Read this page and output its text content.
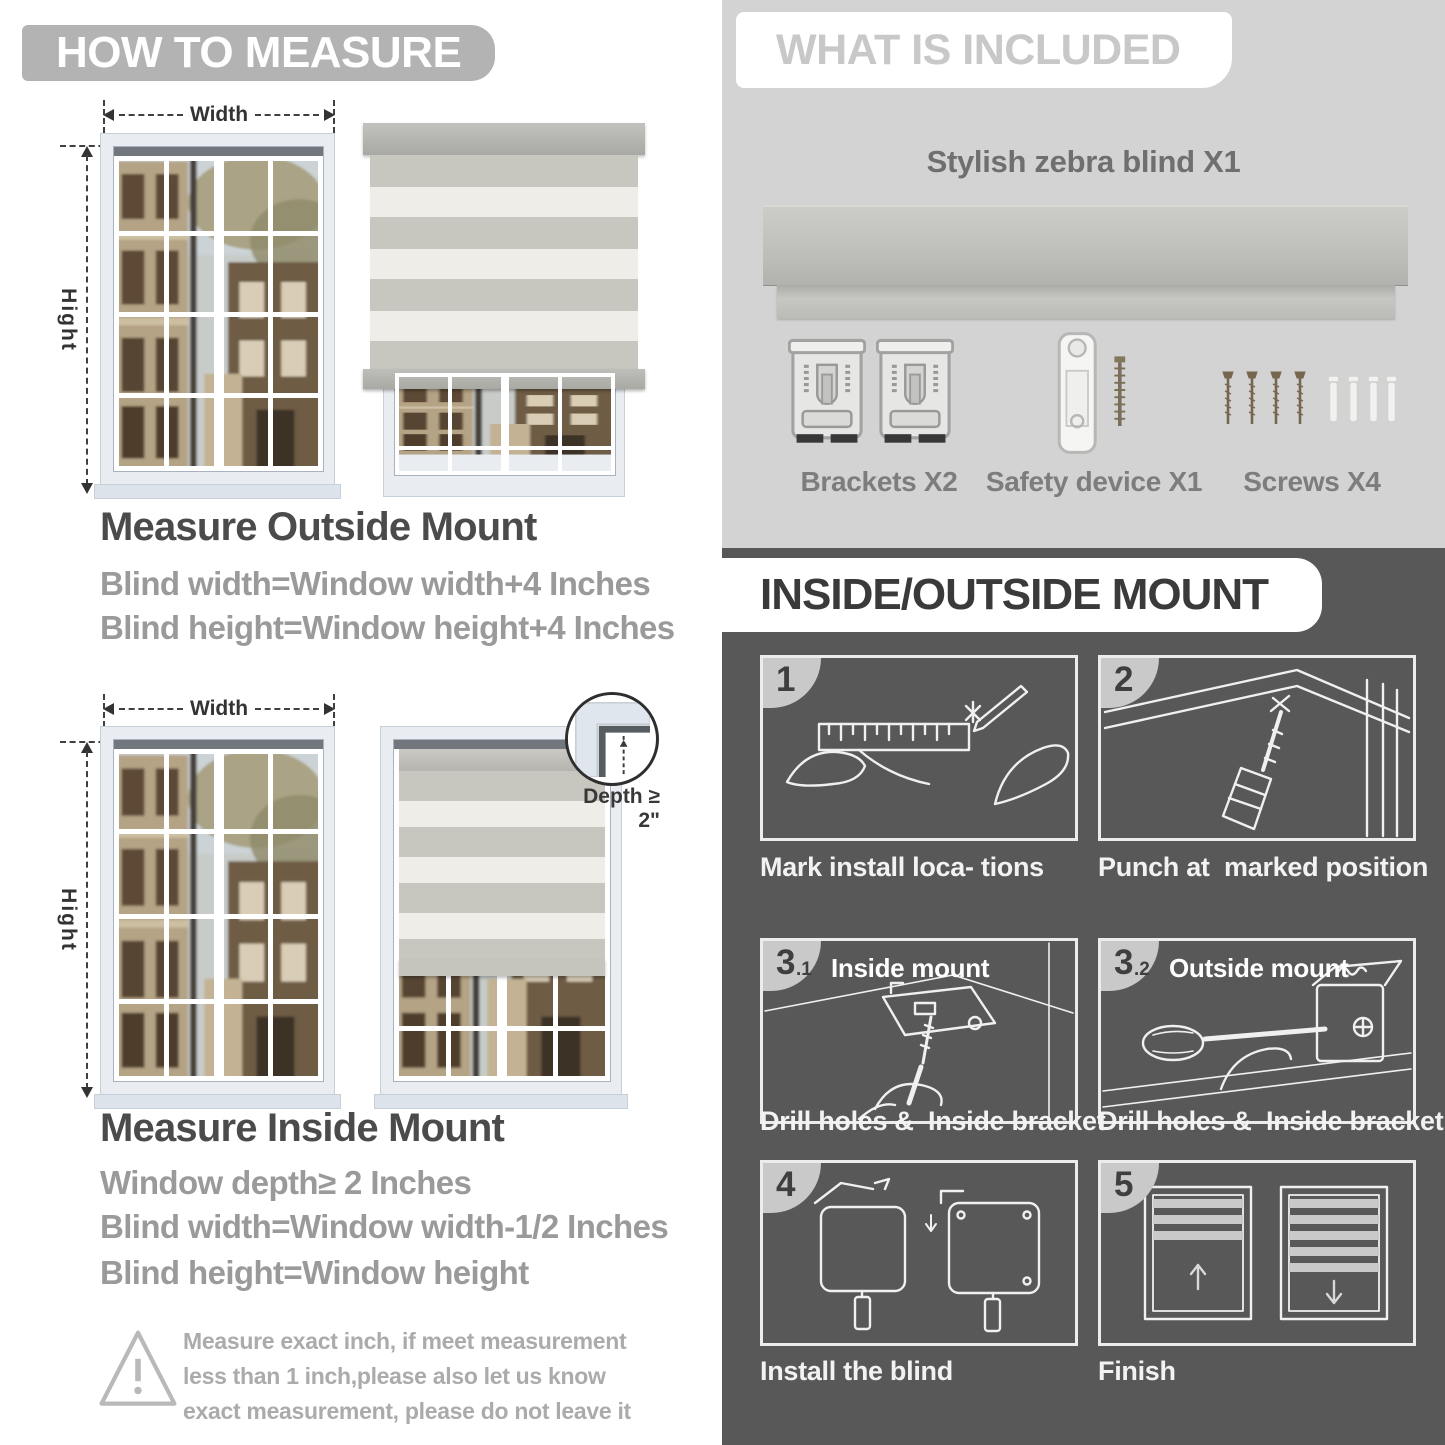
HOW TO MEASURE
Width
Hight
Measure Outside Mount
Blind width=Window width+4 Inches
Blind height=Window height+4 Inches
Width
Hight
Depth ≥ 2"
Measure Inside Mount
Window depth≥ 2 Inches
Blind width=Window width-1/2 Inches
Blind height=Window height
Measure exact inch, if meet measurement less than 1 inch,please also let us know exact measurement, please do not leave it
WHAT IS INCLUDED
Stylish zebra blind X1
Brackets X2	Safety device X1	Screws X4
INSIDE/OUTSIDE MOUNT
1	2
Mark install loca- tions Punch at  marked position
3 .1 Inside mount	3 .2 Outside mount
Drill holes &  Inside bracket
Drill holes &  Inside bracket
4	5
Install the blind	Finish
